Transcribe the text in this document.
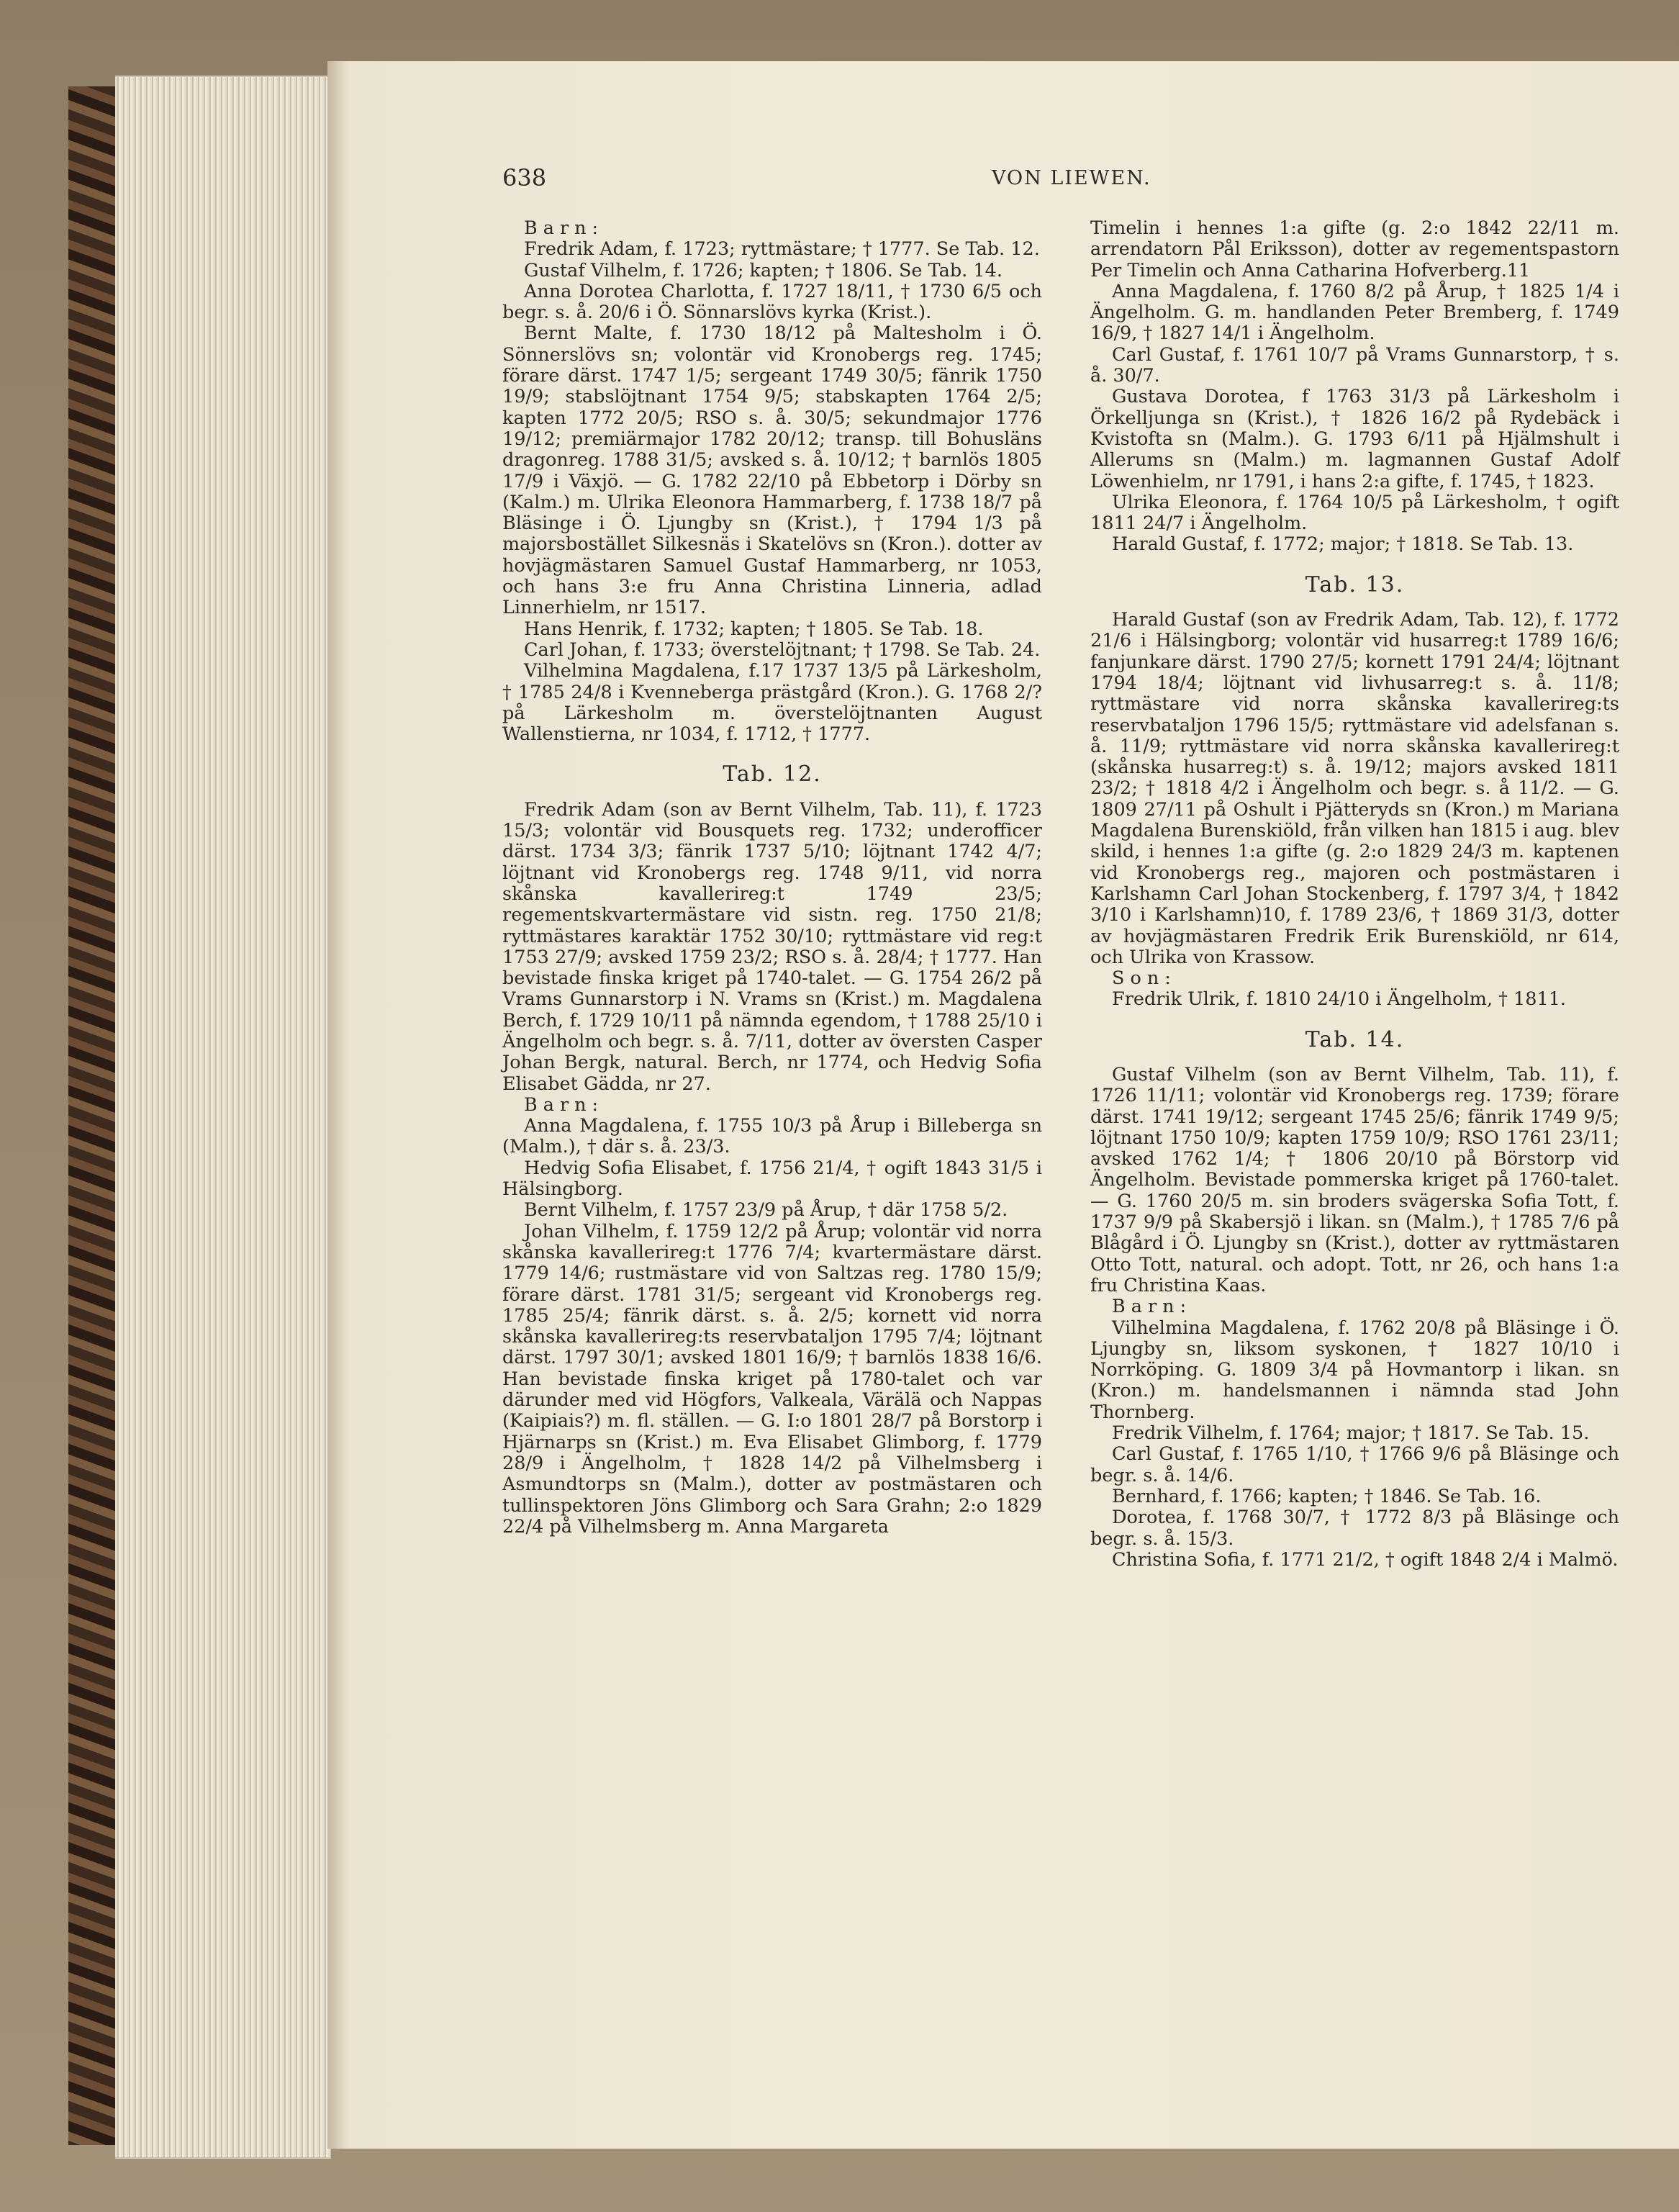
638	VON LIEWEN.

Barn:

Fredrik Adam, f. 1723; ryttmästare; † 1777. Se Tab. 12.

Gustaf Vilhelm, f. 1726; kapten; † 1806. Se Tab. 14.

Anna Dorotea Charlotta, f. 1727 18/11, † 1730 6/5 och begr. s. å. 20/6 i Ö. Sönnarslövs kyrka (Krist.).

Bernt Malte, f. 1730 18/12 på Maltesholm i Ö. Sönnerslövs sn; volontär vid Kronobergs reg. 1745; förare därst. 1747 1/5; sergeant 1749 30/5; fänrik 1750 19/9; stabslöjtnant 1754 9/5; stabskapten 1764 2/5; kapten 1772 20/5; RSO s. å. 30/5; sekundmajor 1776 19/12; premiärmajor 1782 20/12; transp. till Bohusläns dragonreg. 1788 31/5; avsked s. å. 10/12; † barnlös 1805 17/9 i Växjö. — G. 1782 22/10 på Ebbetorp i Dörby sn (Kalm.) m. Ulrika Eleonora Hammarberg, f. 1738 18/7 på Bläsinge i Ö. Ljungby sn (Krist.), † 1794 1/3 på majorsbostället Silkesnäs i Skatelövs sn (Kron.). dotter av hovjägmästaren Samuel Gustaf Hammarberg, nr 1053, och hans 3:e fru Anna Christina Linneria, adlad Linnerhielm, nr 1517.

Hans Henrik, f. 1732; kapten; † 1805. Se Tab. 18.

Carl Johan, f. 1733; överstelöjtnant; † 1798. Se Tab. 24.

Vilhelmina Magdalena, f.17 1737 13/5 på Lärkesholm, † 1785 24/8 i Kvenneberga prästgård (Kron.). G. 1768 2/? på Lärkesholm m. överstelöjtnanten August Wallenstierna, nr 1034, f. 1712, † 1777.

Tab. 12.

Fredrik Adam (son av Bernt Vilhelm, Tab. 11), f. 1723 15/3; volontär vid Bousquets reg. 1732; underofficer därst. 1734 3/3; fänrik 1737 5/10; löjtnant 1742 4/7; löjtnant vid Kronobergs reg. 1748 9/11, vid norra skånska kavallerireg:t 1749 23/5; regementskvartermästare vid sistn. reg. 1750 21/8; ryttmästares karaktär 1752 30/10; ryttmästare vid reg:t 1753 27/9; avsked 1759 23/2; RSO s. å. 28/4; † 1777. Han bevistade finska kriget på 1740-talet. — G. 1754 26/2 på Vrams Gunnarstorp i N. Vrams sn (Krist.) m. Magdalena Berch, f. 1729 10/11 på nämnda egendom, † 1788 25/10 i Ängelholm och begr. s. å. 7/11, dotter av översten Casper Johan Bergk, natural. Berch, nr 1774, och Hedvig Sofia Elisabet Gädda, nr 27.

Barn:

Anna Magdalena, f. 1755 10/3 på Årup i Billeberga sn (Malm.), † där s. å. 23/3.

Hedvig Sofia Elisabet, f. 1756 21/4, † ogift 1843 31/5 i Hälsingborg.

Bernt Vilhelm, f. 1757 23/9 på Årup, † där 1758 5/2.

Johan Vilhelm, f. 1759 12/2 på Årup; volontär vid norra skånska kavallerireg:t 1776 7/4; kvartermästare därst. 1779 14/6; rustmästare vid von Saltzas reg. 1780 15/9; förare därst. 1781 31/5; sergeant vid Kronobergs reg. 1785 25/4; fänrik därst. s. å. 2/5; kornett vid norra skånska kavallerireg:ts reservbataljon 1795 7/4; löjtnant därst. 1797 30/1; avsked 1801 16/9; † barnlös 1838 16/6. Han bevistade finska kriget på 1780-talet och var därunder med vid Högfors, Valkeala, Värälä och Nappas (Kaipiais?) m. fl. ställen. — G. I:o 1801 28/7 på Borstorp i Hjärnarps sn (Krist.) m. Eva Elisabet Glimborg, f. 1779 28/9 i Ängelholm, † 1828 14/2 på Vilhelmsberg i Asmundtorps sn (Malm.), dotter av postmästaren och tullinspektoren Jöns Glimborg och Sara Grahn; 2:o 1829 22/4 på Vilhelmsberg m. Anna Margareta

Timelin i hennes 1:a gifte (g. 2:o 1842 22/11 m. arrendatorn Pål Eriksson), dotter av regementspastorn Per Timelin och Anna Catharina Hofverberg.11

Anna Magdalena, f. 1760 8/2 på Årup, † 1825 1/4 i Ängelholm. G. m. handlanden Peter Bremberg, f. 1749 16/9, † 1827 14/1 i Ängelholm.

Carl Gustaf, f. 1761 10/7 på Vrams Gunnarstorp, † s. å. 30/7.

Gustava Dorotea, f 1763 31/3 på Lärkesholm i Örkelljunga sn (Krist.), † 1826 16/2 på Rydebäck i Kvistofta sn (Malm.). G. 1793 6/11 på Hjälmshult i Allerums sn (Malm.) m. lagmannen Gustaf Adolf Löwenhielm, nr 1791, i hans 2:a gifte, f. 1745, † 1823.

Ulrika Eleonora, f. 1764 10/5 på Lärkesholm, † ogift 1811 24/7 i Ängelholm.

Harald Gustaf, f. 1772; major; † 1818. Se Tab. 13.

Tab. 13.

Harald Gustaf (son av Fredrik Adam, Tab. 12), f. 1772 21/6 i Hälsingborg; volontär vid husarreg:t 1789 16/6; fanjunkare därst. 1790 27/5; kornett 1791 24/4; löjtnant 1794 18/4; löjtnant vid livhusarreg:t s. å. 11/8; ryttmästare vid norra skånska kavallerireg:ts reservbataljon 1796 15/5; ryttmästare vid adelsfanan s. å. 11/9; ryttmästare vid norra skånska kavallerireg:t (skånska husarreg:t) s. å. 19/12; majors avsked 1811 23/2; † 1818 4/2 i Ängelholm och begr. s. å 11/2. — G. 1809 27/11 på Oshult i Pjätteryds sn (Kron.) m Mariana Magdalena Burenskiöld, från vilken han 1815 i aug. blev skild, i hennes 1:a gifte (g. 2:o 1829 24/3 m. kaptenen vid Kronobergs reg., majoren och postmästaren i Karlshamn Carl Johan Stockenberg, f. 1797 3/4, † 1842 3/10 i Karlshamn)10, f. 1789 23/6, † 1869 31/3, dotter av hovjägmästaren Fredrik Erik Burenskiöld, nr 614, och Ulrika von Krassow.

Son:

Fredrik Ulrik, f. 1810 24/10 i Ängelholm, † 1811.

Tab. 14.

Gustaf Vilhelm (son av Bernt Vilhelm, Tab. 11), f. 1726 11/11; volontär vid Kronobergs reg. 1739; förare därst. 1741 19/12; sergeant 1745 25/6; fänrik 1749 9/5; löjtnant 1750 10/9; kapten 1759 10/9; RSO 1761 23/11; avsked 1762 1/4; † 1806 20/10 på Börstorp vid Ängelholm. Bevistade pommerska kriget på 1760-talet. — G. 1760 20/5 m. sin broders svägerska Sofia Tott, f. 1737 9/9 på Skabersjö i likan. sn (Malm.), † 1785 7/6 på Blågård i Ö. Ljungby sn (Krist.), dotter av ryttmästaren Otto Tott, natural. och adopt. Tott, nr 26, och hans 1:a fru Christina Kaas.

Barn:

Vilhelmina Magdalena, f. 1762 20/8 på Bläsinge i Ö. Ljungby sn, liksom syskonen, † 1827 10/10 i Norrköping. G. 1809 3/4 på Hovmantorp i likan. sn (Kron.) m. handelsmannen i nämnda stad John Thornberg.

Fredrik Vilhelm, f. 1764; major; † 1817. Se Tab. 15.

Carl Gustaf, f. 1765 1/10, † 1766 9/6 på Bläsinge och begr. s. å. 14/6.

Bernhard, f. 1766; kapten; † 1846. Se Tab. 16.

Dorotea, f. 1768 30/7, † 1772 8/3 på Bläsinge och begr. s. å. 15/3.

Christina Sofia, f. 1771 21/2, † ogift 1848 2/4 i Malmö.
